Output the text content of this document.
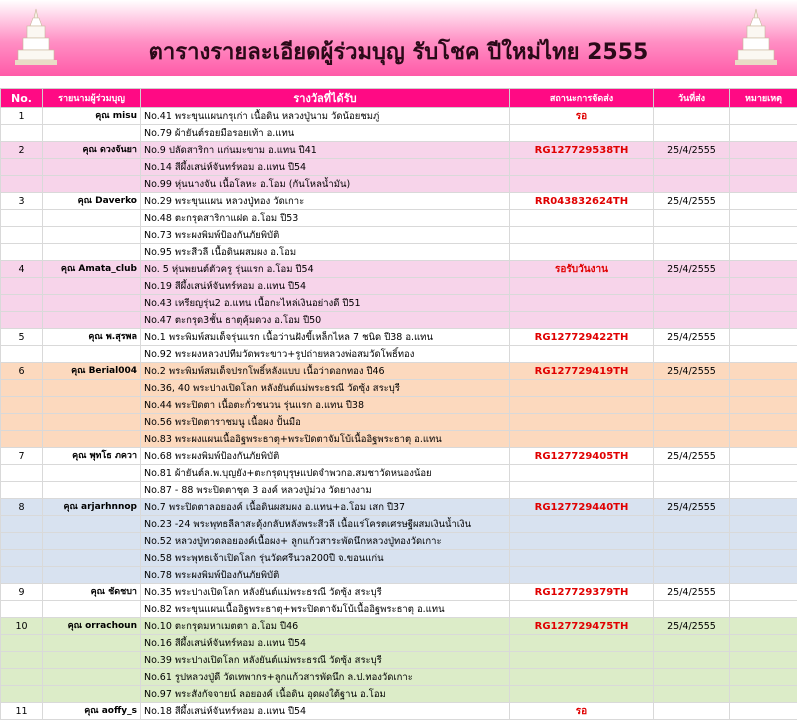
ตารางรายละเอียดผู้ร่วมบุญ รับโชค ปีใหม่ไทย 2555
No.	รายนามผู้ร่วมบุญ	รางวัลที่ได้รับ	สถานะการจัดส่ง	วันที่ส่ง	หมายเหตุ
1	คุณ misu	No.41 พระขุนแผนกรุเก่า เนื้อดิน หลวงปู่นาม วัดน้อยชมภู่	รอ		
		No.79 ผ้ายันต์รอยมือรอยเท้า อ.แทน			
2	คุณ ดวงจันยา	No.9 ปลัดสาริกา แก่นมะขาม อ.แทน ปี41	RG127729538TH	25/4/2555	
		No.14 สีผึ้งเสน่ห์จันทร์หอม อ.แทน ปี54			
		No.99 หุ่นนางจัน เนื้อโลหะ อ.โอม (กันโหลน้ำมัน)			
3	คุณ Daverko	No.29 พระขุนแผน หลวงปู่ทอง วัดเกาะ	RR043832624TH	25/4/2555	
		No.48 ตะกรุดสาริกาแฝด อ.โอม ปี53			
		No.73 พระผงพิมพ์ป้องกันภัยพิบัติ			
		No.95 พระสีวลี เนื้อดินผสมผง อ.โอม			
4	คุณ Amata_club	No. 5 หุ่นพยนต์ตัวครู รุ่นแรก อ.โอม ปี54	รอรับวันงาน	25/4/2555	
		No.19 สีผึ้งเสน่ห์จันทร์หอม อ.แทน ปี54			
		No.43 เหรียญรุ่น2 อ.แทน เนื้อกะไหล่เงินอย่างดี ปี51			
		No.47 ตะกรุด3ชั้น ธาตุคุ้มดวง อ.โอม ปี50			
5	คุณ พ.สุรพล	No.1 พระพิมพ์สมเด็จรุ่นแรก เนื้อว่านฝังขี้เหล็กไหล 7 ชนิด ปี38 อ.แทน	RG127729422TH	25/4/2555	
		No.92 พระผงหลวงปทีมวัดพระขาว+รูปถ่ายหลวงพ่อสมวัดโพธิ์ทอง			
6	คุณ Berial004	No.2 พระพิมพ์สมเด็จปรกโพธิ์หลังแบบ เนื้อว่าดอกทอง ปี46	RG127729419TH	25/4/2555	
		No.36, 40 พระปางเปิดโลก หลังยันต์แม่พระธรณี วัดซุ้ง สระบุรี			
		No.44 พระปิดตา เนื้อตะกั่วชนวน รุ่นแรก อ.แทน ปี38			
		No.56 พระปิดตาราชมนู เนื้อผง ปั้นมือ			
		No.83 พระผงแผนเนื้ออิฐพระธาตุ+พระปิดตาจัมโบ้เนื้ออิฐพระธาตุ อ.แทน			
7	คุณ พุทโธ ภควา	No.68 พระผงพิมพ์ป้องกันภัยพิบัติ	RG127729405TH	25/4/2555	
		No.81 ผ้ายันต์ล.พ.บุญยัง+ตะกรุดบุรุษแปดจำพวกอ.สมชาวัดหนองน้อย			
		No.87 - 88 พระปิดตาชุด 3 องค์ หลวงปู่ม่วง วัดยางงาม			
8	คุณ arjarhnnop	No.7 พระปิดตาลอยองค์ เนื้อดินผสมผง อ.แทน+อ.โอม เสก ปี37	RG127729440TH	25/4/2555	
		No.23 -24 พระพุทธลีลาสะดุ้งกลับหลังพระสีวลี เนื้อแร่โครตเศรษฐีผสมเงินน้ำเงิน			
		No.52 หลวงปู่ทวดลอยองค์เนื้อผง+ ลูกแก้วสาระพัดนึกหลวงปู่ทองวัดเกาะ			
		No.58 พระพุทธเจ้าเปิดโลก รุ่นวัดศรีนวล200ปี จ.ขอนแก่น			
		No.78 พระผงพิมพ์ป้องกันภัยพิบัติ			
9	คุณ ชัดชบา	No.35 พระปางเปิดโลก หลังยันต์แม่พระธรณี วัดซุ้ง สระบุรี	RG127729379TH	25/4/2555	
		No.82 พระขุนแผนเนื้ออิฐพระธาตุ+พระปิดตาจัมโบ้เนื้ออิฐพระธาตุ อ.แทน			
10	คุณ orrachoun	No.10 ตะกรุดมหาเมตตา อ.โอม ปี46	RG127729475TH	25/4/2555	
		No.16 สีผึ้งเสน่ห์จันทร์หอม อ.แทน ปี54			
		No.39 พระปางเปิดโลก หลังยันต์แม่พระธรณี วัดซุ้ง สระบุรี			
		No.61 รูปหลวงปู่ดี วัดเทพากร+ลูกแก้วสารพัดนึก ล.ป.ทองวัดเกาะ			
		No.97 พระสังกัจจายน์ ลอยองค์ เนื้อดิน อุดผงใต้ฐาน อ.โอม			
11	คุณ aoffy_s	No.18 สีผึ้งเสน่ห์จันทร์หอม อ.แทน ปี54	รอ		
